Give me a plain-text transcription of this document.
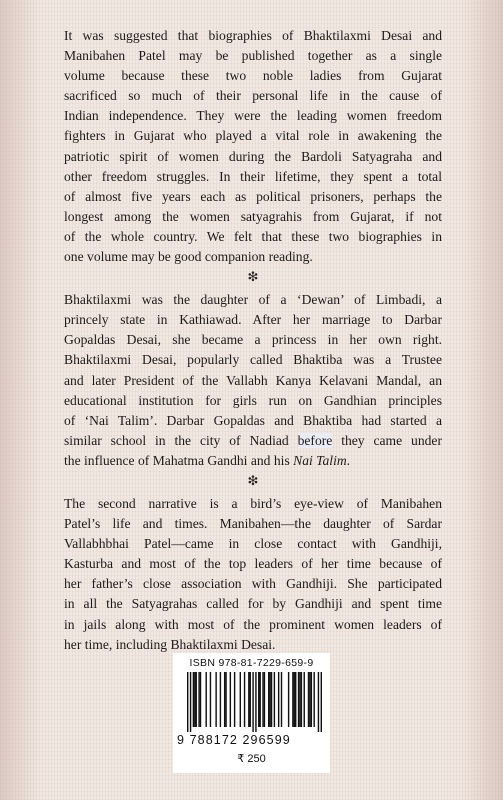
It was suggested that biographies of Bhaktilaxmi Desai and
Manibahen Patel may be published together as a single
volume because these two noble ladies from Gujarat
sacrificed so much of their personal life in the cause of
Indian independence. They were the leading women freedom
fighters in Gujarat who played a vital role in awakening the
patriotic spirit of women during the Bardoli Satyagraha and
other freedom struggles. In their lifetime, they spent a total
of almost five years each as political prisoners, perhaps the
longest among the women satyagrahis from Gujarat, if not
of the whole country. We felt that these two biographies in
one volume may be good companion reading.

❇

Bhaktilaxmi was the daughter of a ‘Dewan’ of Limbadi, a
princely state in Kathiawad. After her marriage to Darbar
Gopaldas Desai, she became a princess in her own right.
Bhaktilaxmi Desai, popularly called Bhaktiba was a Trustee
and later President of the Vallabh Kanya Kelavani Mandal, an
educational institution for girls run on Gandhian principles
of ‘Nai Talim’. Darbar Gopaldas and Bhaktiba had started a
similar school in the city of Nadiad before they came under
the influence of Mahatma Gandhi and his Nai Talim.

❇

The second narrative is a bird’s eye-view of Manibahen
Patel’s life and times. Manibahen—the daughter of Sardar
Vallabhbhai Patel—came in close contact with Gandhiji,
Kasturba and most of the top leaders of her time because of
her father’s close association with Gandhiji. She participated
in all the Satyagrahas called for by Gandhiji and spent time
in jails along with most of the prominent women leaders of
her time, including Bhaktilaxmi Desai.

ISBN 978-81-7229-659-9
9 788172 296599
₹ 250
